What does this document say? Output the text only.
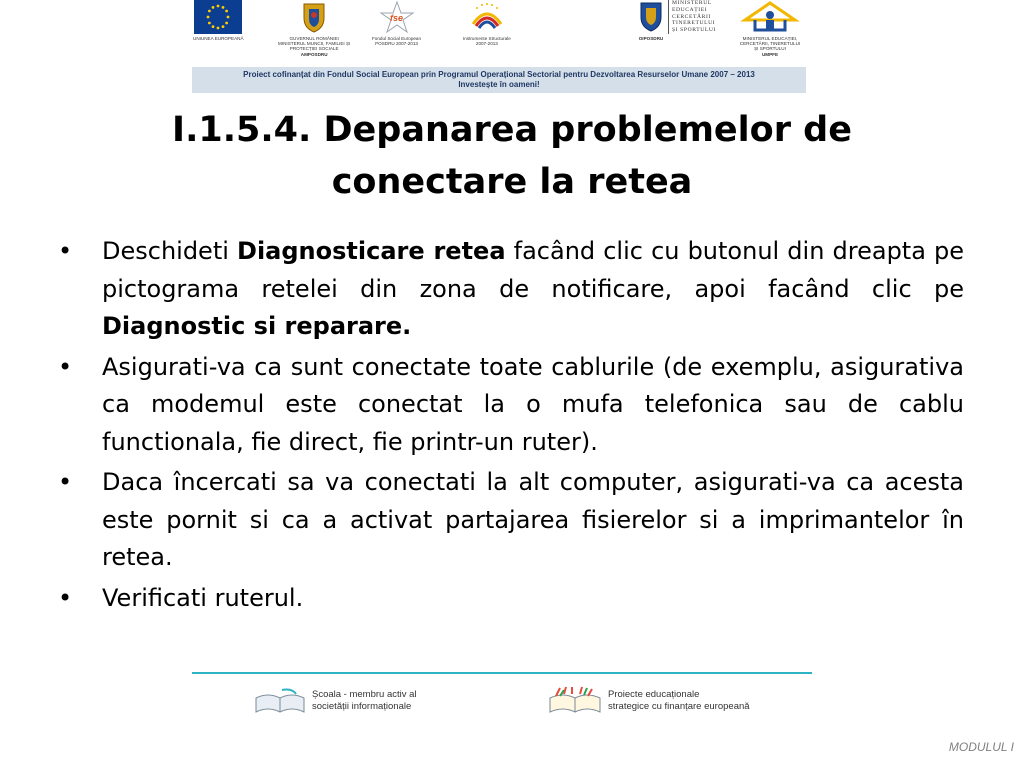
UNIUNEA EUROPEANĂ	GUVERNUL ROMÂNIEI
MINISTERUL MUNCII, FAMILIEI ȘI
PROTECȚIEI SOCIALE
AMPOSDRU
fse
Fondul Social European
POSDRU 2007-2013
Instrumente Structurale
2007-2013
OIPOSDRU
MINISTERUL
EDUCAȚIEI
CERCETĂRII
TINERETULUI
ȘI SPORTULUI
MINISTERUL EDUCAȚIEI,
CERCETĂRII, TINERETULUI
ȘI SPORTULUI
UMPFE
Proiect cofinanțat din Fondul Social European prin Programul Operațional Sectorial pentru Dezvoltarea Resurselor Umane 2007 – 2013
Investește în oameni!
I.1.5.4. Depanarea problemelor de
conectare la retea
• Deschideti Diagnosticare retea facând clic cu butonul din dreapta pe pictograma retelei din zona de notificare, apoi facând clic pe Diagnostic si reparare.
• Asigurati-va ca sunt conectate toate cablurile (de exemplu, asigurativa ca modemul este conectat la o mufa telefonica sau de cablu functionala, fie direct, fie printr-un ruter).
• Daca încercati sa va conectati la alt computer, asigurati-va ca acesta este pornit si ca a activat partajarea fisierelor si a imprimantelor în retea.
• Verificati ruterul.
Școala - membru activ al
societății informaționale
Proiecte educaționale
strategice cu finanțare europeană
MODULUL I
